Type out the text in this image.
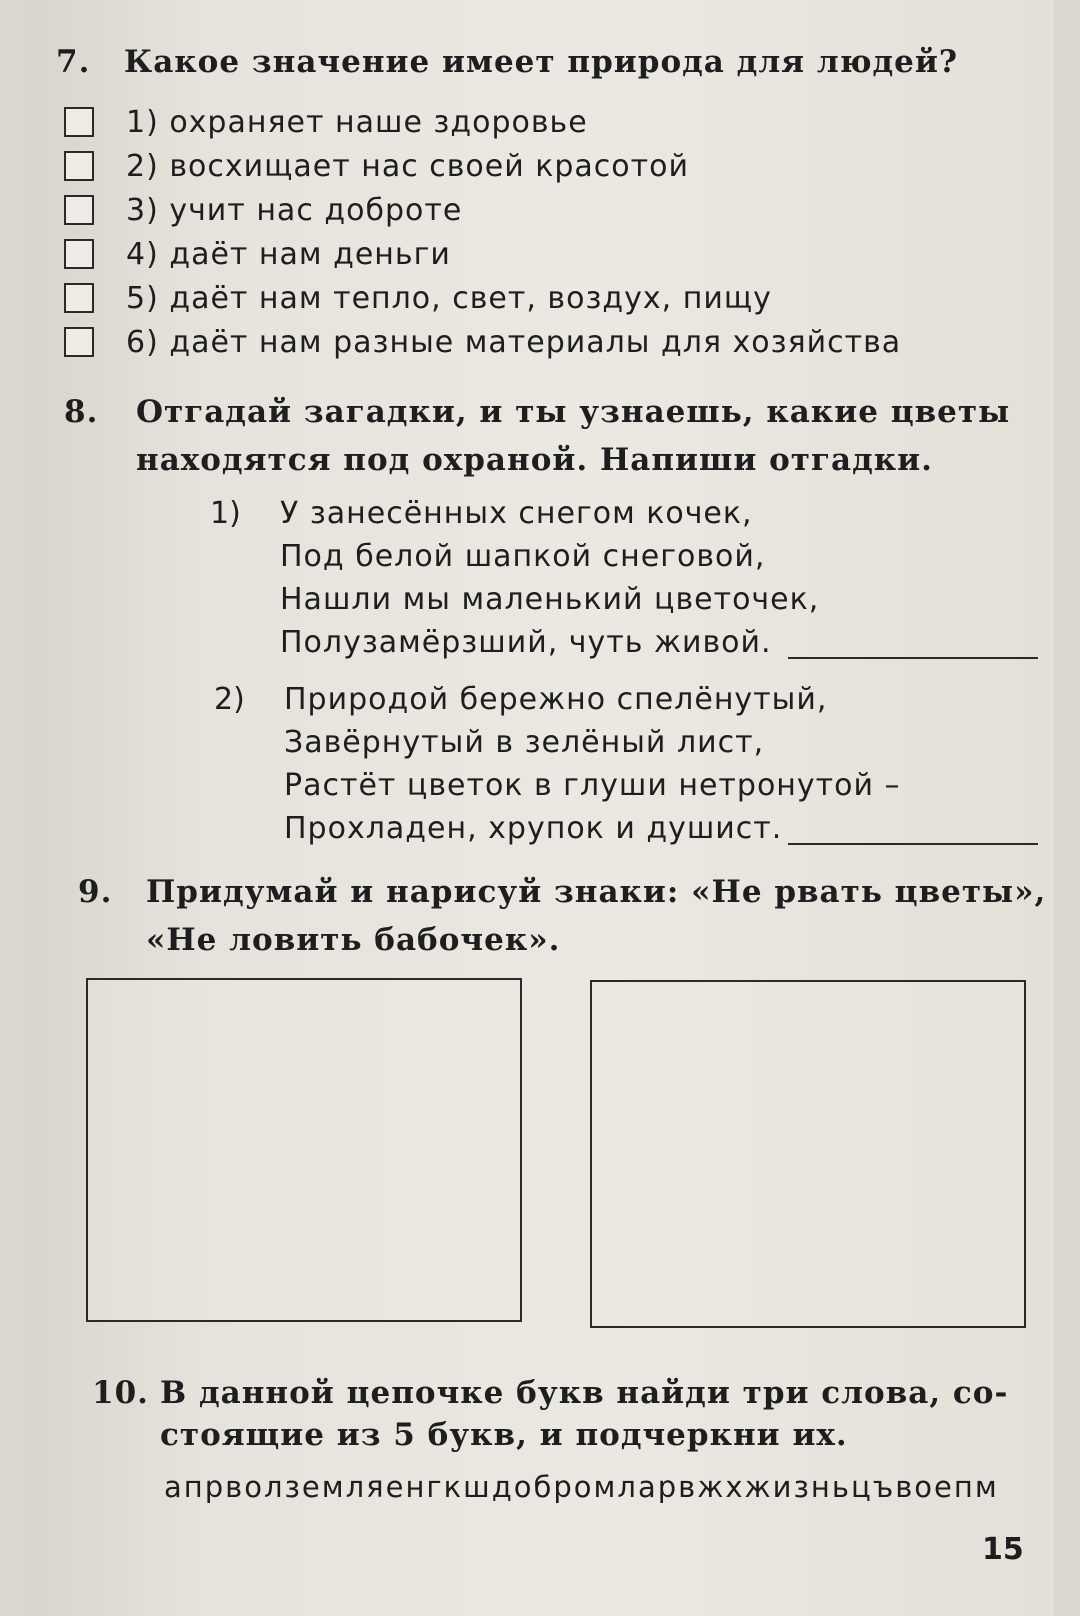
7. Какое значение имеет природа для людей?
1) охраняет наше здоровье
2) восхищает нас своей красотой
3) учит нас доброте
4) даёт нам деньги
5) даёт нам тепло, свет, воздух, пищу
6) даёт нам разные материалы для хозяйства
8. Отгадай загадки, и ты узнаешь, какие цветы
находятся под охраной. Напиши отгадки.
1) У занесённых снегом кочек,
Под белой шапкой снеговой,
Нашли мы маленький цветочек,
Полузамёрзший, чуть живой.
2) Природой бережно спелёнутый,
Завёрнутый в зелёный лист,
Растёт цветок в глуши нетронутой –
Прохладен, хрупок и душист.
9. Придумай и нарисуй знаки: «Не рвать цветы»,
«Не ловить бабочек».
10. В данной цепочке букв найди три слова, со-
стоящие из 5 букв, и подчеркни их.
апрволземляенгкшдобромларвжхжизньцъвоепм
15
